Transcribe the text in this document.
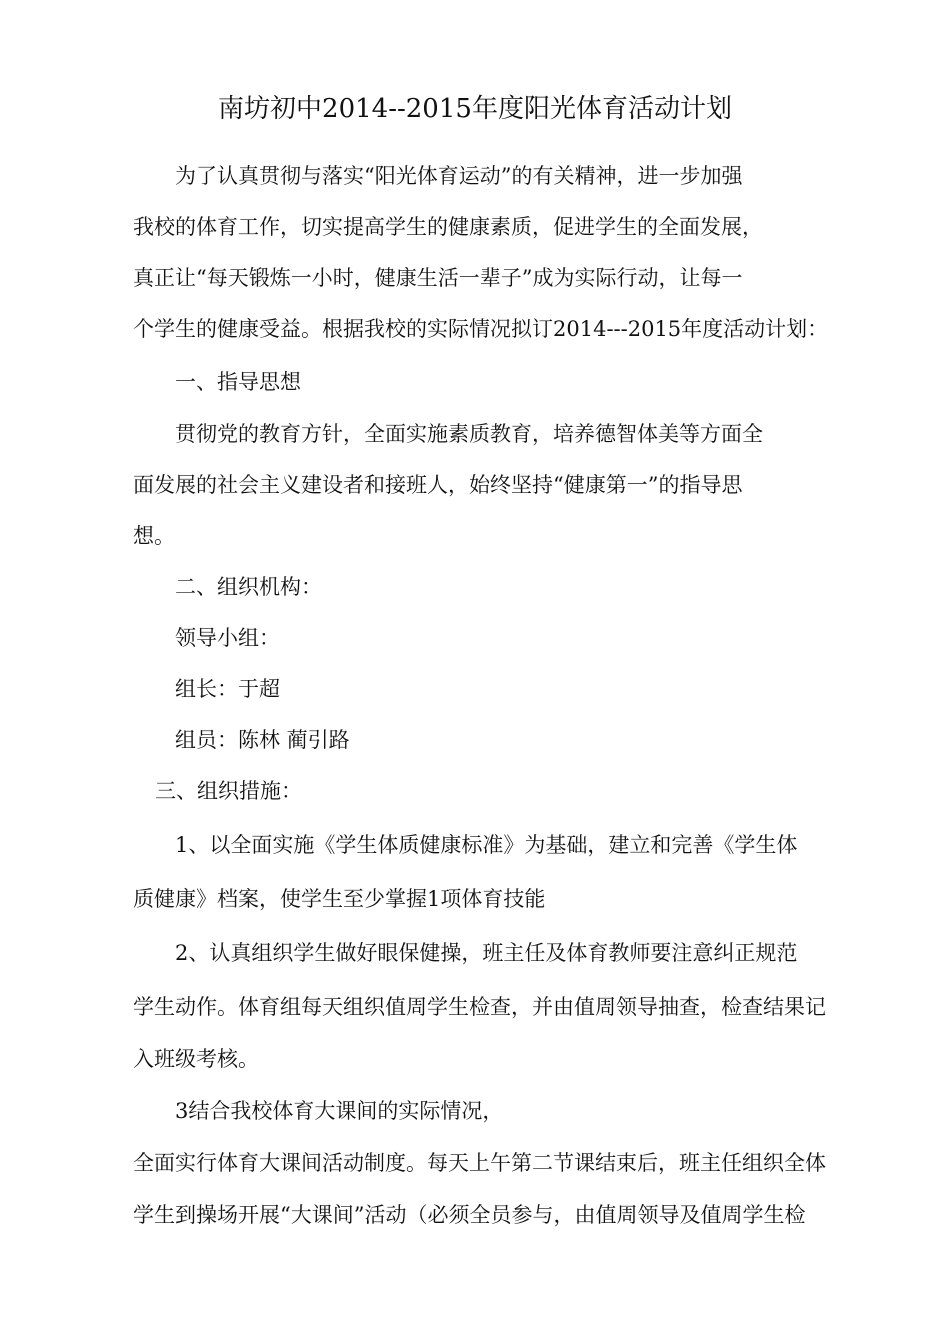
南坊初中2014--2015年度阳光体育活动计划
为了认真贯彻与落实“阳光体育运动”的有关精神，进一步加强
我校的体育工作，切实提高学生的健康素质，促进学生的全面发展，
真正让“每天锻炼一小时，健康生活一辈子”成为实际行动，让每一
个学生的健康受益。根据我校的实际情况拟订2014---2015年度活动计划：
一、指导思想
贯彻党的教育方针，全面实施素质教育，培养德智体美等方面全
面发展的社会主义建设者和接班人，始终坚持“健康第一”的指导思
想。
二、组织机构：
领导小组：
组长：于超
组员：陈林 蔺引路
三、组织措施：
1、以全面实施《学生体质健康标准》为基础，建立和完善《学生体
质健康》档案，使学生至少掌握1项体育技能
2、认真组织学生做好眼保健操，班主任及体育教师要注意纠正规范
学生动作。体育组每天组织值周学生检查，并由值周领导抽查，检查结果记
入班级考核。
3结合我校体育大课间的实际情况，
全面实行体育大课间活动制度。每天上午第二节课结束后，班主任组织全体
学生到操场开展“大课间”活动（必须全员参与，由值周领导及值周学生检
